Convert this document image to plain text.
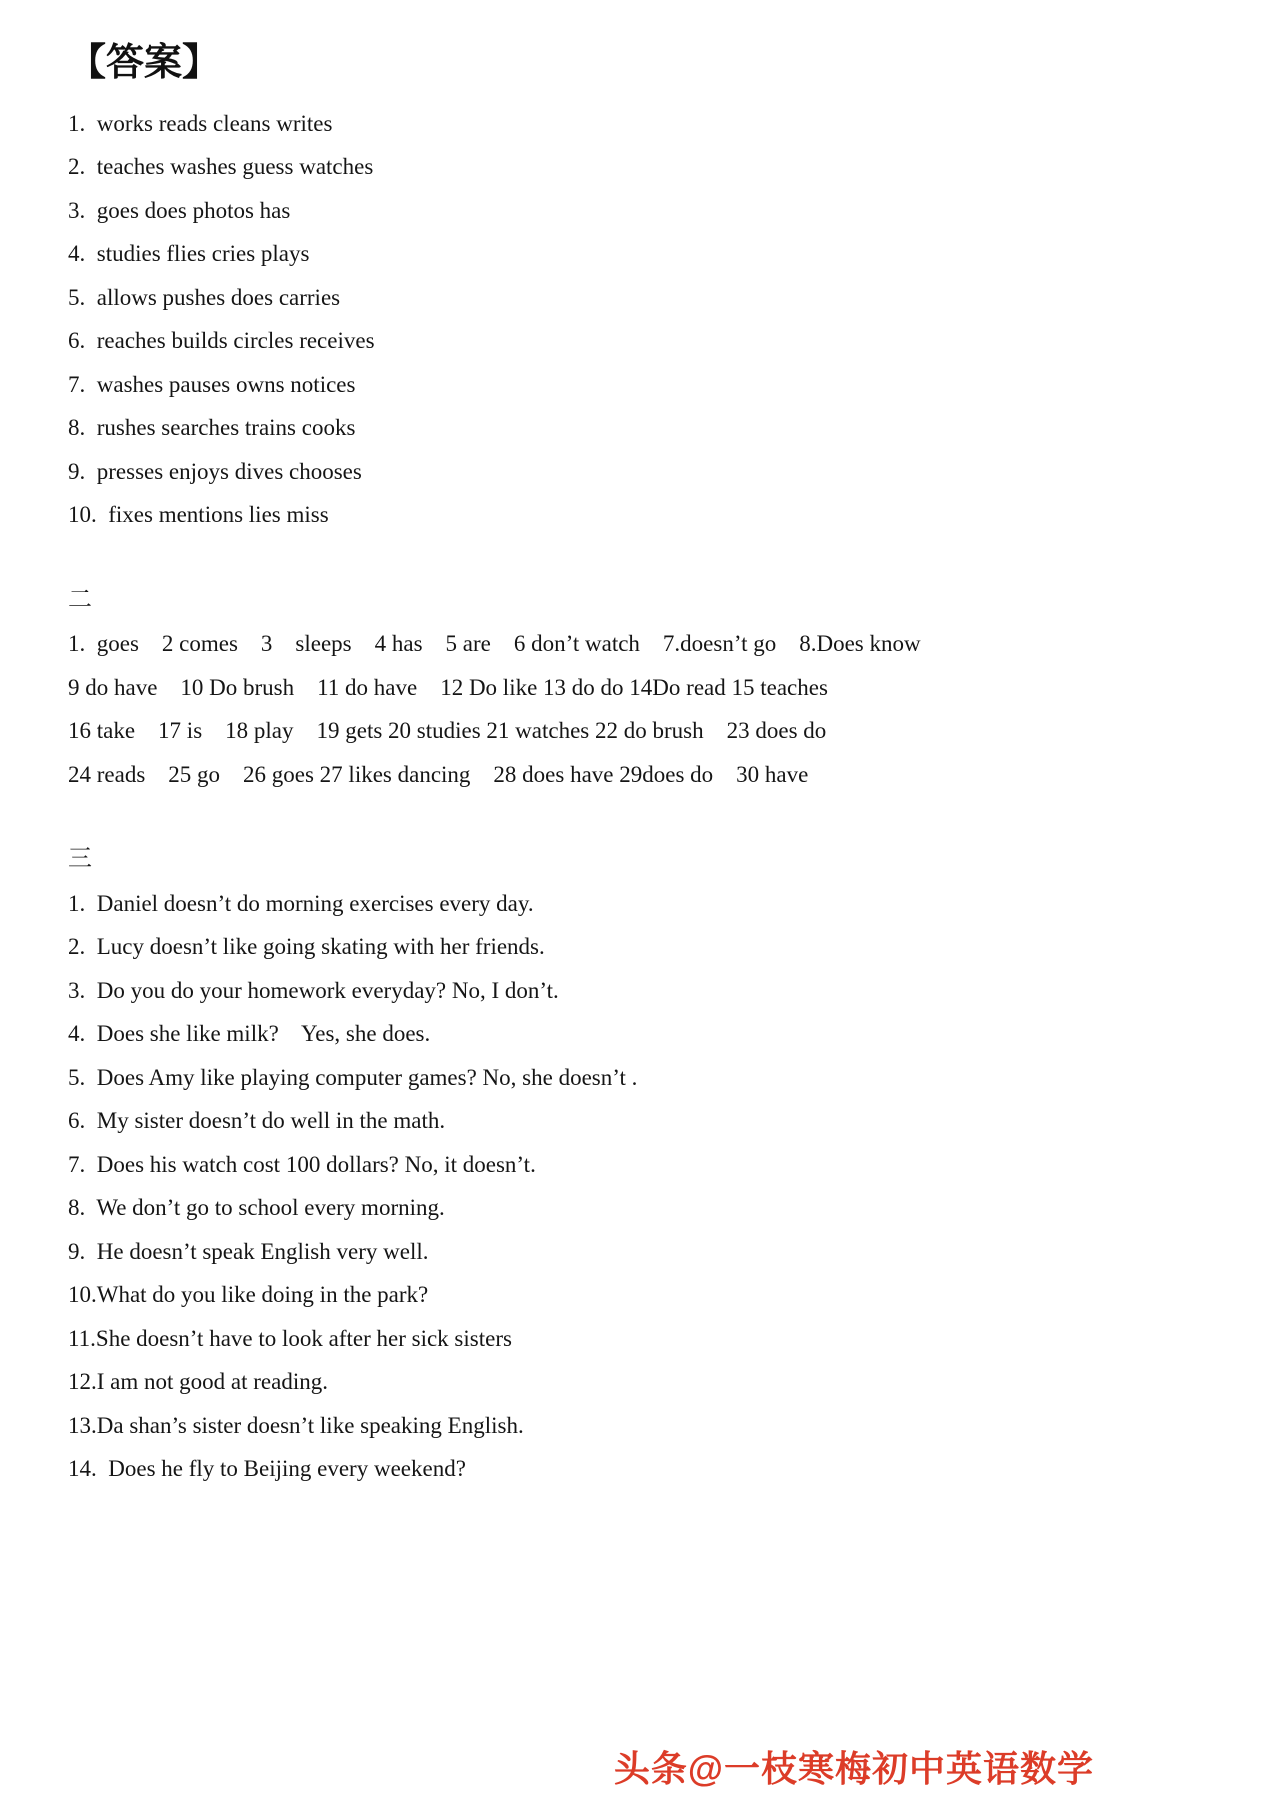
【答案】
1.  works reads cleans writes
2.  teaches washes guess watches
3.  goes does photos has
4.  studies flies cries plays
5.  allows pushes does carries
6.  reaches builds circles receives
7.  washes pauses owns notices
8.  rushes searches trains cooks
9.  presses enjoys dives chooses
10.  fixes mentions lies miss
二
1.  goes    2 comes    3    sleeps    4 has    5 are    6 don’t watch    7.doesn’t go    8.Does know
9 do have    10 Do brush    11 do have    12 Do like 13 do do 14Do read 15 teaches
16 take    17 is    18 play    19 gets 20 studies 21 watches 22 do brush    23 does do
24 reads    25 go    26 goes 27 likes dancing    28 does have 29does do    30 have
三
1.  Daniel doesn’t do morning exercises every day.
2.  Lucy doesn’t like going skating with her friends.
3.  Do you do your homework everyday? No, I don’t.
4.  Does she like milk?    Yes, she does.
5.  Does Amy like playing computer games? No, she doesn’t .
6.  My sister doesn’t do well in the math.
7.  Does his watch cost 100 dollars? No, it doesn’t.
8.  We don’t go to school every morning.
9.  He doesn’t speak English very well.
10.What do you like doing in the park?
11.She doesn’t have to look after her sick sisters
12.I am not good at reading.
13.Da shan’s sister doesn’t like speaking English.
14.  Does he fly to Beijing every weekend?
头条@一枝寒梅初中英语数学
